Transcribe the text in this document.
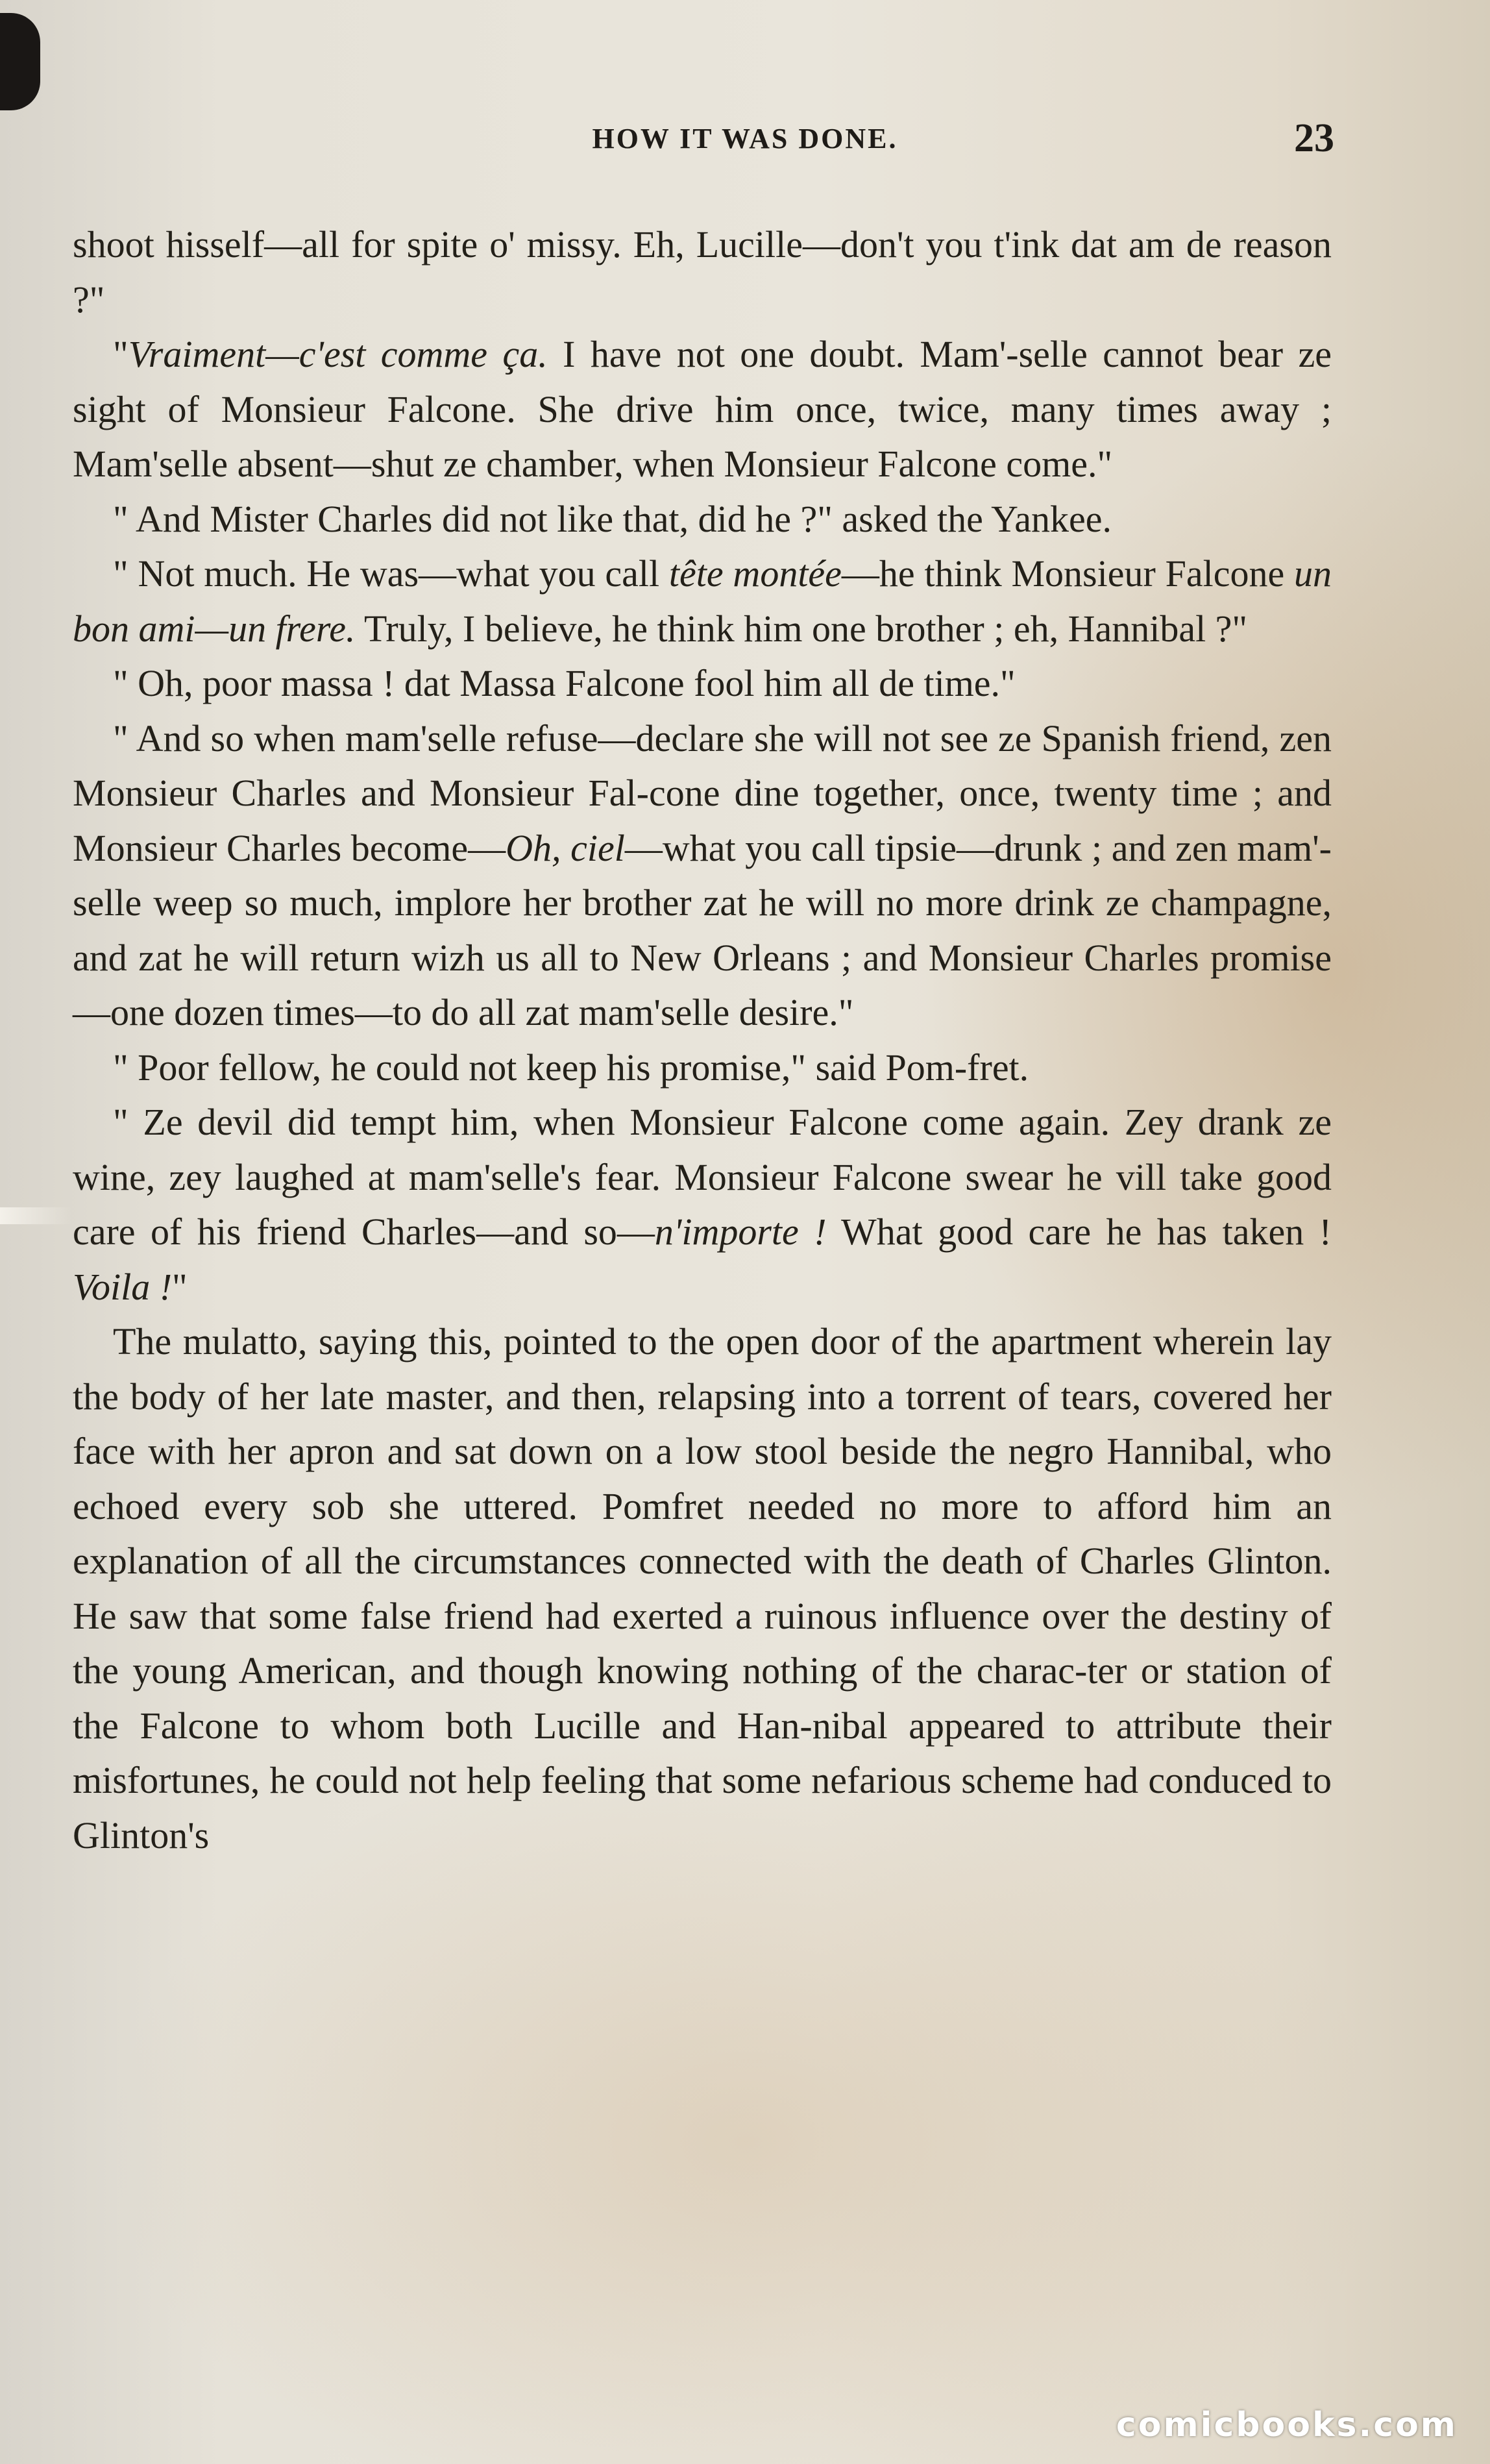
HOW IT WAS DONE.	23

shoot hisself—all for spite o' missy. Eh, Lucille—don't you t'ink dat am de reason ?"

"Vraiment—c'est comme ça. I have not one doubt. Mam'-selle cannot bear ze sight of Monsieur Falcone. She drive him once, twice, many times away ; Mam'selle absent—shut ze chamber, when Monsieur Falcone come."

" And Mister Charles did not like that, did he ?" asked the Yankee.

" Not much. He was—what you call tête montée—he think Monsieur Falcone un bon ami—un frere. Truly, I believe, he think him one brother ; eh, Hannibal ?"

" Oh, poor massa ! dat Massa Falcone fool him all de time."

" And so when mam'selle refuse—declare she will not see ze Spanish friend, zen Monsieur Charles and Monsieur Fal-cone dine together, once, twenty time ; and Monsieur Charles become—Oh, ciel—what you call tipsie—drunk ; and zen mam'-selle weep so much, implore her brother zat he will no more drink ze champagne, and zat he will return wizh us all to New Orleans ; and Monsieur Charles promise—one dozen times—to do all zat mam'selle desire."

" Poor fellow, he could not keep his promise," said Pom-fret.

" Ze devil did tempt him, when Monsieur Falcone come again. Zey drank ze wine, zey laughed at mam'selle's fear. Monsieur Falcone swear he vill take good care of his friend Charles—and so—n'importe ! What good care he has taken ! Voila !"

The mulatto, saying this, pointed to the open door of the apartment wherein lay the body of her late master, and then, relapsing into a torrent of tears, covered her face with her apron and sat down on a low stool beside the negro Hannibal, who echoed every sob she uttered. Pomfret needed no more to afford him an explanation of all the circumstances connected with the death of Charles Glinton. He saw that some false friend had exerted a ruinous influence over the destiny of the young American, and though knowing nothing of the charac-ter or station of the Falcone to whom both Lucille and Han-nibal appeared to attribute their misfortunes, he could not help feeling that some nefarious scheme had conduced to Glinton's

comicbooks.com
